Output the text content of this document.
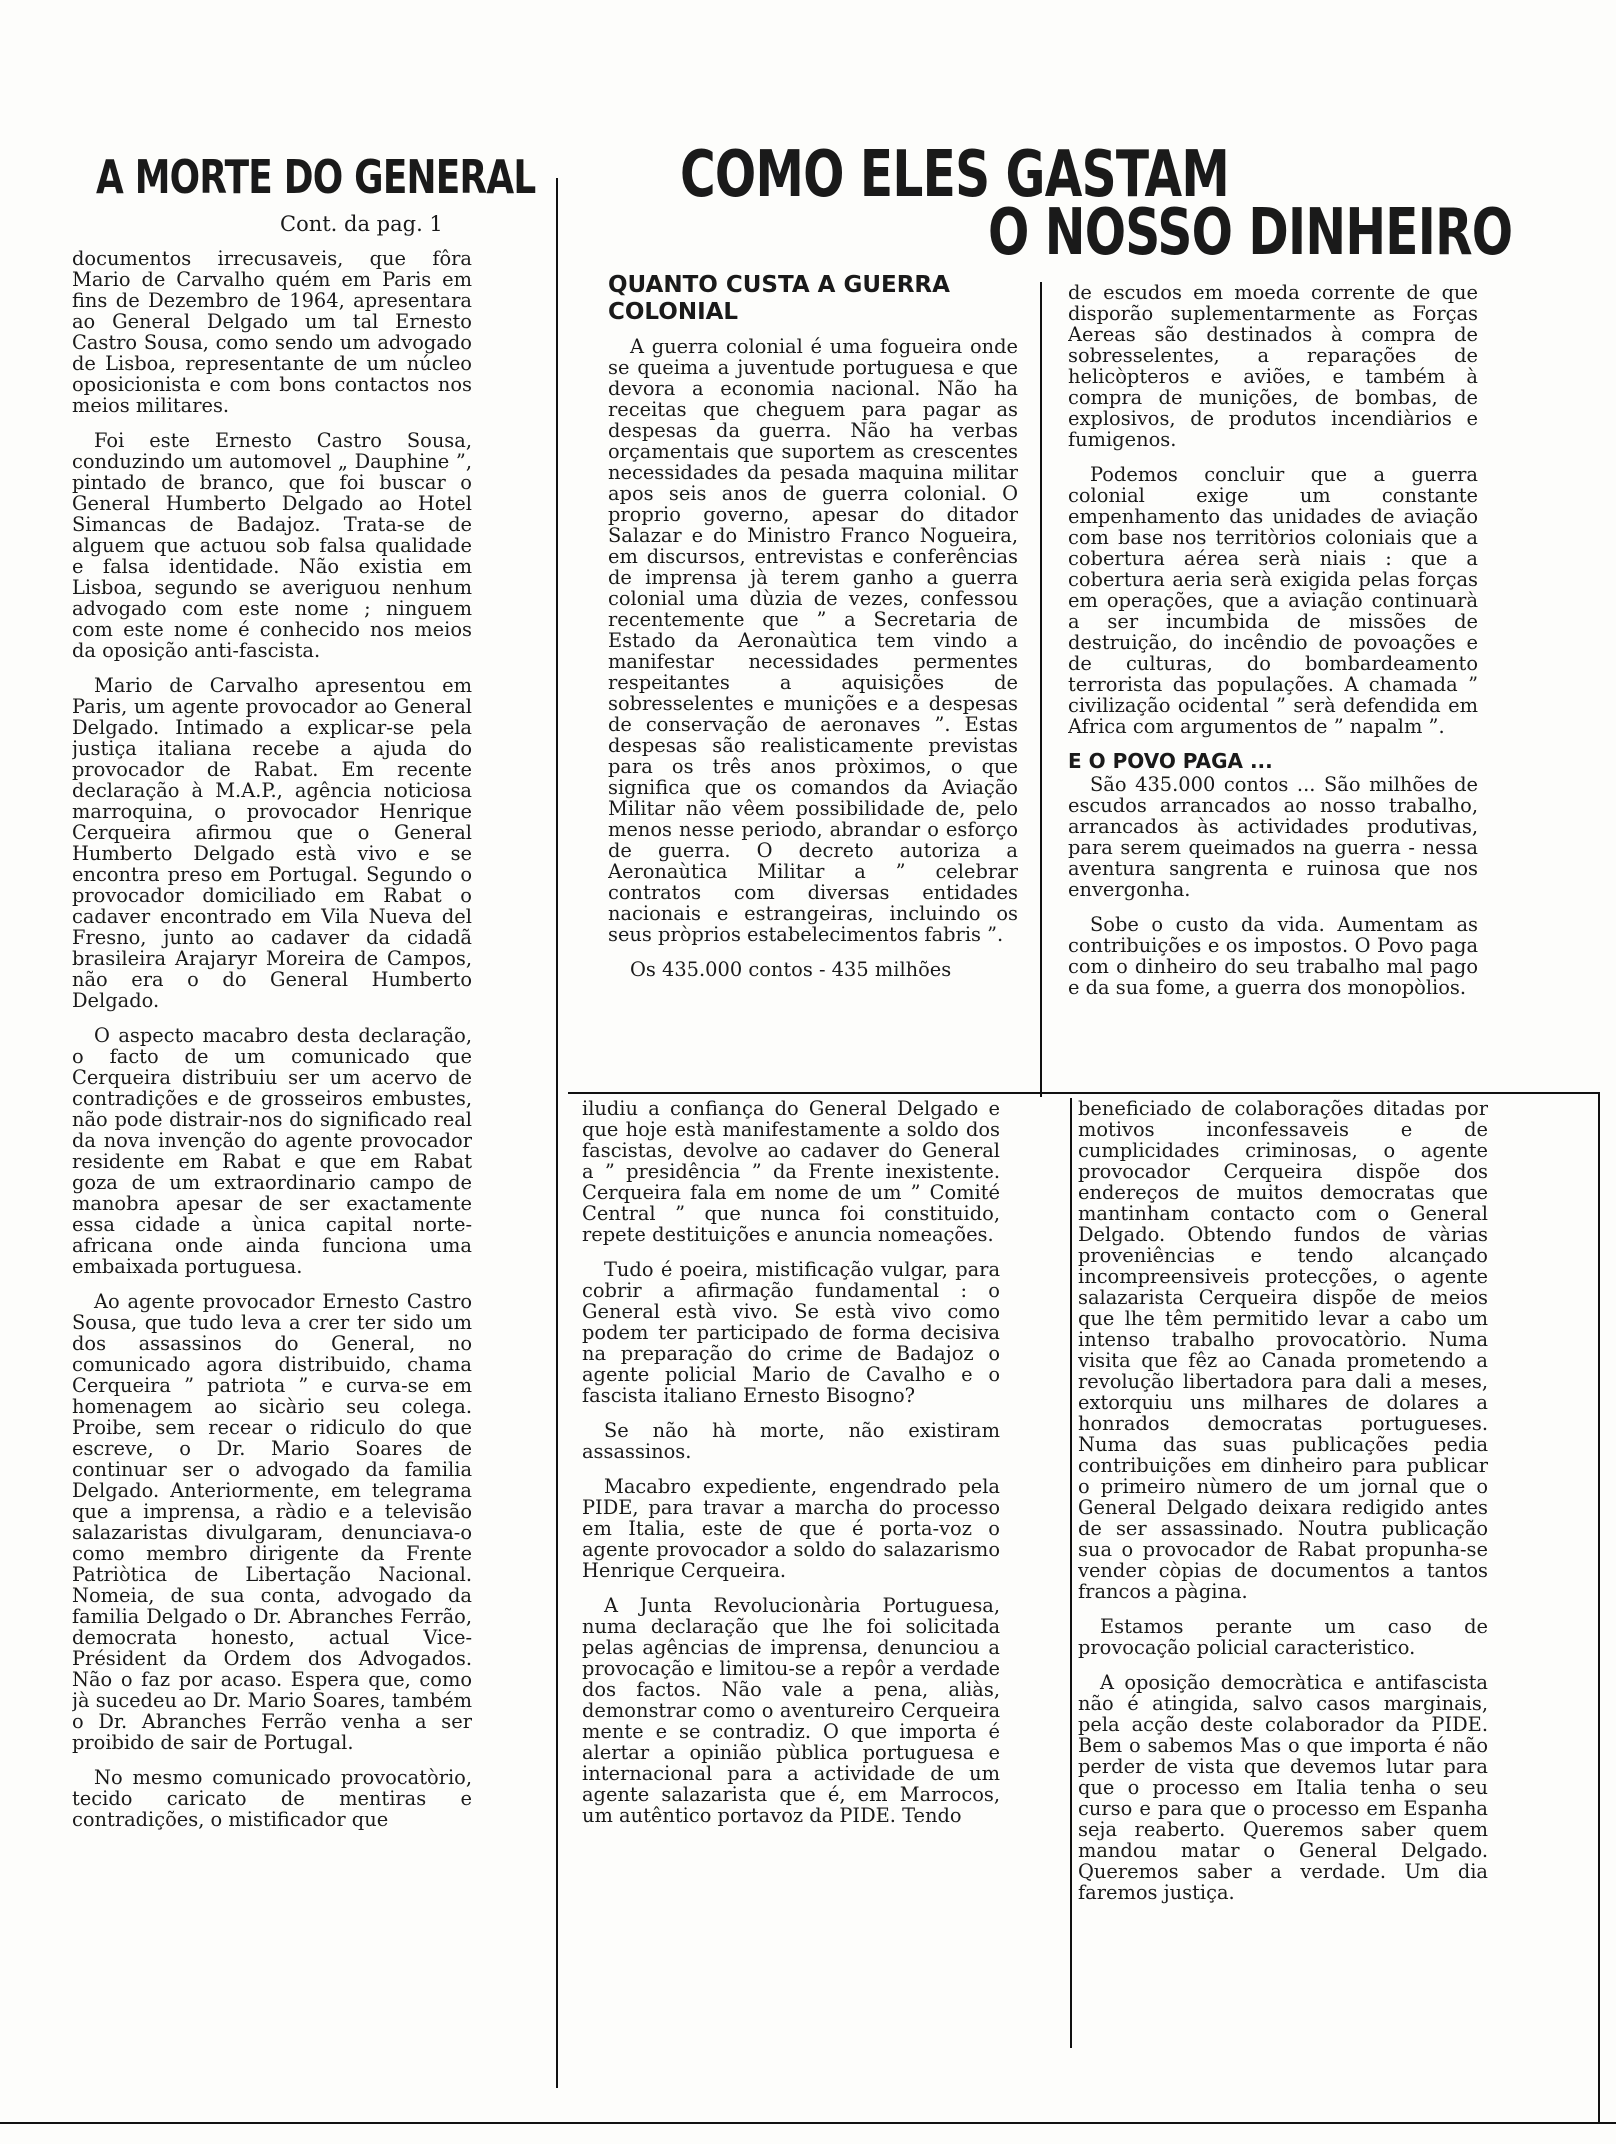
A MORTE DO GENERAL

Cont. da pag. 1

COMO ELES GASTAM
O NOSSO DINHEIRO

documentos irrecusaveis, que fôra Mario de Carvalho quém em Paris em fins de Dezembro de 1964, apresentara ao General Delgado um tal Ernesto Castro Sousa, como sendo um advogado de Lisboa, representante de um núcleo oposicionista e com bons contactos nos meios militares.

Foi este Ernesto Castro Sousa, conduzindo um automovel „ Dauphine ”, pintado de branco, que foi buscar o General Humberto Delgado ao Hotel Simancas de Badajoz. Trata-se de alguem que actuou sob falsa qualidade e falsa identidade. Não existia em Lisboa, segundo se averiguou nenhum advogado com este nome ; ninguem com este nome é conhecido nos meios da oposição anti-fascista.

Mario de Carvalho apresentou em Paris, um agente provocador ao General Delgado. Intimado a explicar-se pela justiça italiana recebe a ajuda do provocador de Rabat. Em recente declaração à M.A.P., agência noticiosa marroquina, o provocador Henrique Cerqueira afirmou que o General Humberto Delgado està vivo e se encontra preso em Portugal. Segundo o provocador domiciliado em Rabat o cadaver encontrado em Vila Nueva del Fresno, junto ao cadaver da cidadã brasileira Arajaryr Moreira de Campos, não era o do General Humberto Delgado.

O aspecto macabro desta declaração, o facto de um comunicado que Cerqueira distribuiu ser um acervo de contradições e de grosseiros embustes, não pode distrair-nos do significado real da nova invenção do agente provocador residente em Rabat e que em Rabat goza de um extraordinario campo de manobra apesar de ser exactamente essa cidade a ùnica capital norte-africana onde ainda funciona uma embaixada portuguesa.

Ao agente provocador Ernesto Castro Sousa, que tudo leva a crer ter sido um dos assassinos do General, no comunicado agora distribuido, chama Cerqueira ” patriota ” e curva-se em homenagem ao sicàrio seu colega. Proibe, sem recear o ridiculo do que escreve, o Dr. Mario Soares de continuar ser o advogado da familia Delgado. Anteriormente, em telegrama que a imprensa, a ràdio e a televisão salazaristas divulgaram, denunciava-o como membro dirigente da Frente Patriòtica de Libertação Nacional. Nomeia, de sua conta, advogado da familia Delgado o Dr. Abranches Ferrão, democrata honesto, actual Vice-Président da Ordem dos Advogados. Não o faz por acaso. Espera que, como jà sucedeu ao Dr. Mario Soares, também o Dr. Abranches Ferrão venha a ser proibido de sair de Portugal.

No mesmo comunicado provocatòrio, tecido caricato de mentiras e contradições, o mistificador que

QUANTO CUSTA A GUERRA COLONIAL

A guerra colonial é uma fogueira onde se queima a juventude portuguesa e que devora a economia nacional. Não ha receitas que cheguem para pagar as despesas da guerra. Não ha verbas orçamentais que suportem as crescentes necessidades da pesada maquina militar apos seis anos de guerra colonial. O proprio governo, apesar do ditador Salazar e do Ministro Franco Nogueira, em discursos, entrevistas e conferências de imprensa jà terem ganho a guerra colonial uma dùzia de vezes, confessou recentemente que ” a Secretaria de Estado da Aeronaùtica tem vindo a manifestar necessidades permentes respeitantes a aquisições de sobresselentes e munições e a despesas de conservação de aeronaves ”. Estas despesas são realisticamente previstas para os três anos pròximos, o que significa que os comandos da Aviação Militar não vêem possibilidade de, pelo menos nesse periodo, abrandar o esforço de guerra. O decreto autoriza a Aeronaùtica Militar a ” celebrar contratos com diversas entidades nacionais e estrangeiras, incluindo os seus pròprios estabelecimentos fabris ”.

Os 435.000 contos - 435 milhões

de escudos em moeda corrente de que disporão suplementarmente as Forças Aereas são destinados à compra de sobresselentes, a reparações de helicòpteros e aviões, e também à compra de munições, de bombas, de explosivos, de produtos incendiàrios e fumigenos.

Podemos concluir que a guerra colonial exige um constante empenhamento das unidades de aviação com base nos territòrios coloniais que a cobertura aérea serà niais : que a cobertura aeria serà exigida pelas forças em operações, que a aviação continuarà a ser incumbida de missões de destruição, do incêndio de povoações e de culturas, do bombardeamento terrorista das populações. A chamada ” civilização ocidental ” serà defendida em Africa com argumentos de ” napalm ”.

E O POVO PAGA ...

São 435.000 contos ... São milhões de escudos arrancados ao nosso trabalho, arrancados às actividades produtivas, para serem queimados na guerra - nessa aventura sangrenta e ruinosa que nos envergonha.

Sobe o custo da vida. Aumentam as contribuições e os impostos. O Povo paga com o dinheiro do seu trabalho mal pago e da sua fome, a guerra dos monopòlios.

iludiu a confiança do General Delgado e que hoje està manifestamente a soldo dos fascistas, devolve ao cadaver do General a ” presidência ” da Frente inexistente. Cerqueira fala em nome de um ” Comité Central ” que nunca foi constituido, repete destituições e anuncia nomeações.

Tudo é poeira, mistificação vulgar, para cobrir a afirmação fundamental : o General està vivo. Se està vivo como podem ter participado de forma decisiva na preparação do crime de Badajoz o agente policial Mario de Cavalho e o fascista italiano Ernesto Bisogno?

Se não hà morte, não existiram assassinos.

Macabro expediente, engendrado pela PIDE, para travar a marcha do processo em Italia, este de que é porta-voz o agente provocador a soldo do salazarismo Henrique Cerqueira.

A Junta Revolucionària Portuguesa, numa declaração que lhe foi solicitada pelas agências de imprensa, denunciou a provocação e limitou-se a repôr a verdade dos factos. Não vale a pena, aliàs, demonstrar como o aventureiro Cerqueira mente e se contradiz. O que importa é alertar a opinião pùblica portuguesa e internacional para a actividade de um agente salazarista que é, em Marrocos, um autêntico portavoz da PIDE. Tendo

beneficiado de colaborações ditadas por motivos inconfessaveis e de cumplicidades criminosas, o agente provocador Cerqueira dispõe dos endereços de muitos democratas que mantinham contacto com o General Delgado. Obtendo fundos de vàrias proveniências e tendo alcançado incompreensiveis protecções, o agente salazarista Cerqueira dispõe de meios que lhe têm permitido levar a cabo um intenso trabalho provocatòrio. Numa visita que fêz ao Canada prometendo a revolução libertadora para dali a meses, extorquiu uns milhares de dolares a honrados democratas portugueses. Numa das suas publicações pedia contribuições em dinheiro para publicar o primeiro nùmero de um jornal que o General Delgado deixara redigido antes de ser assassinado. Noutra publicação sua o provocador de Rabat propunha-se vender còpias de documentos a tantos francos a pàgina.

Estamos perante um caso de provocação policial caracteristico.

A oposição democràtica e antifascista não é atingida, salvo casos marginais, pela acção deste colaborador da PIDE. Bem o sabemos Mas o que importa é não perder de vista que devemos lutar para que o processo em Italia tenha o seu curso e para que o processo em Espanha seja reaberto. Queremos saber quem mandou matar o General Delgado. Queremos saber a verdade. Um dia faremos justiça.
